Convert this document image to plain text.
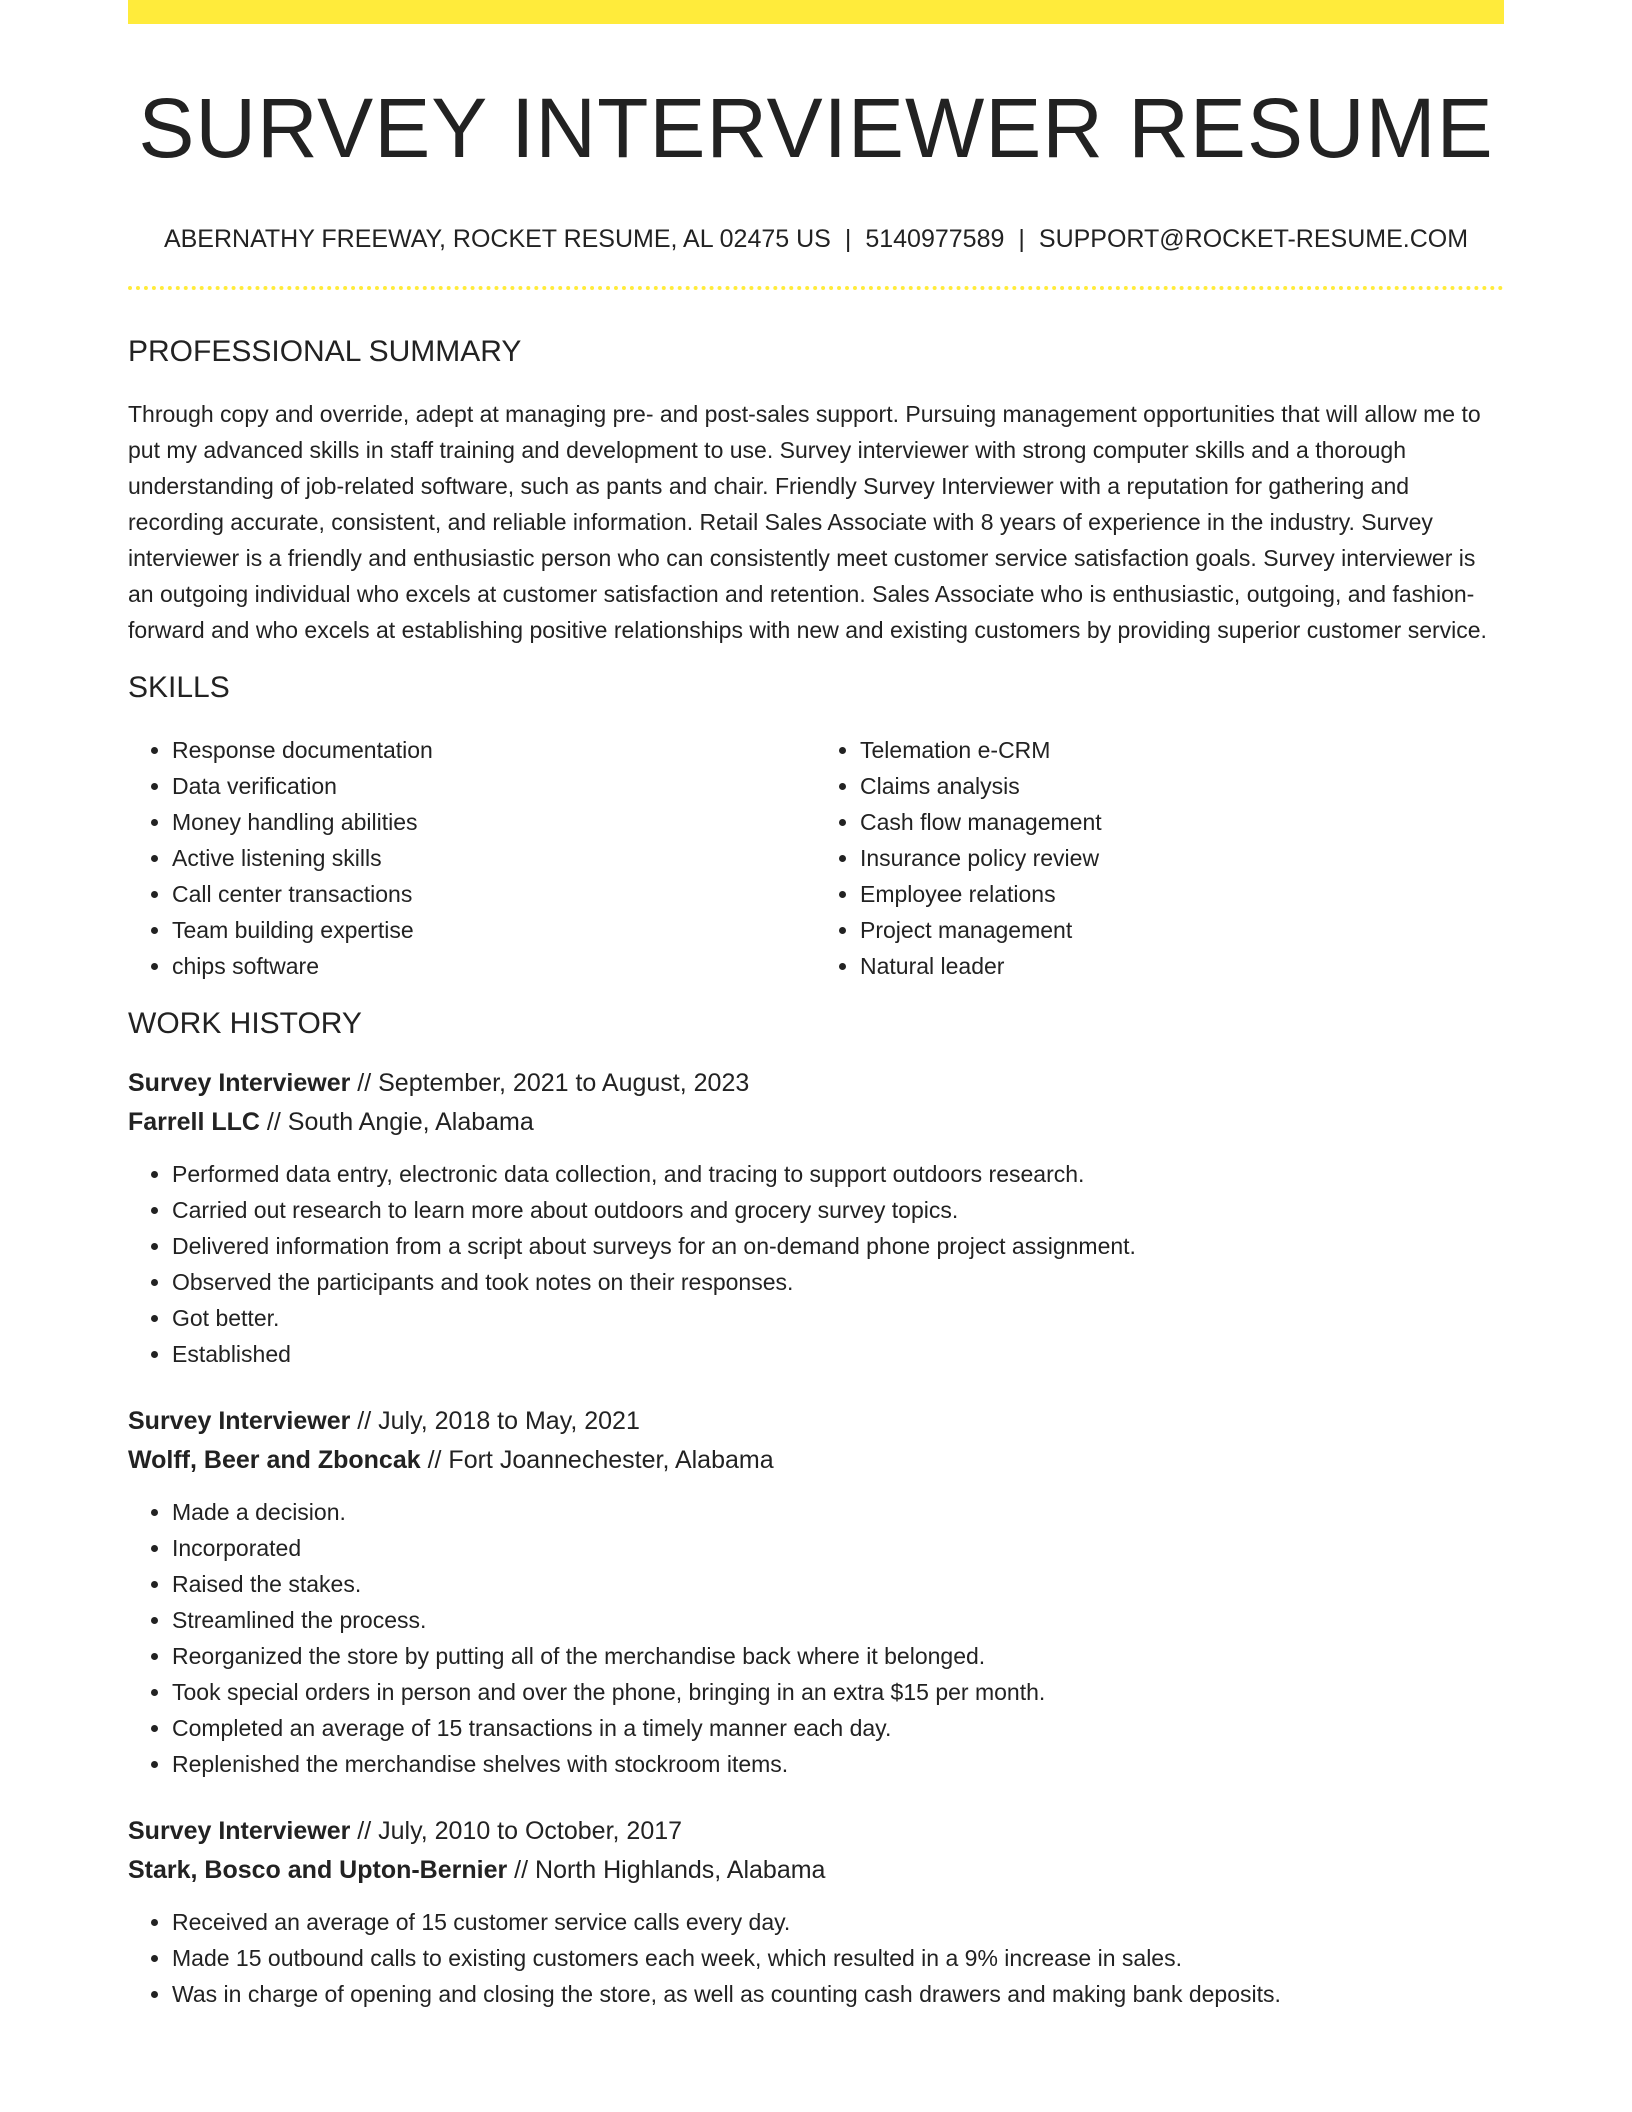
SURVEY INTERVIEWER RESUME
ABERNATHY FREEWAY, ROCKET RESUME, AL 02475 US | 5140977589 | SUPPORT@ROCKET-RESUME.COM
PROFESSIONAL SUMMARY

Through copy and override, adept at managing pre- and post-sales support. Pursuing management opportunities that will allow me to put my advanced skills in staff training and development to use. Survey interviewer with strong computer skills and a thorough understanding of job-related software, such as pants and chair. Friendly Survey Interviewer with a reputation for gathering and recording accurate, consistent, and reliable information. Retail Sales Associate with 8 years of experience in the industry. Survey interviewer is a friendly and enthusiastic person who can consistently meet customer service satisfaction goals. Survey interviewer is an outgoing individual who excels at customer satisfaction and retention. Sales Associate who is enthusiastic, outgoing, and fashion-forward and who excels at establishing positive relationships with new and existing customers by providing superior customer service.

SKILLS
• Response documentation
• Data verification
• Money handling abilities
• Active listening skills
• Call center transactions
• Team building expertise
• chips software
• Telemation e-CRM
• Claims analysis
• Cash flow management
• Insurance policy review
• Employee relations
• Project management
• Natural leader
WORK HISTORY
Survey Interviewer // September, 2021 to August, 2023
Farrell LLC // South Angie, Alabama
• Performed data entry, electronic data collection, and tracing to support outdoors research.
• Carried out research to learn more about outdoors and grocery survey topics.
• Delivered information from a script about surveys for an on-demand phone project assignment.
• Observed the participants and took notes on their responses.
• Got better.
• Established
Survey Interviewer // July, 2018 to May, 2021
Wolff, Beer and Zboncak // Fort Joannechester, Alabama
• Made a decision.
• Incorporated
• Raised the stakes.
• Streamlined the process.
• Reorganized the store by putting all of the merchandise back where it belonged.
• Took special orders in person and over the phone, bringing in an extra $15 per month.
• Completed an average of 15 transactions in a timely manner each day.
• Replenished the merchandise shelves with stockroom items.
Survey Interviewer // July, 2010 to October, 2017
Stark, Bosco and Upton-Bernier // North Highlands, Alabama
• Received an average of 15 customer service calls every day.
• Made 15 outbound calls to existing customers each week, which resulted in a 9% increase in sales.
• Was in charge of opening and closing the store, as well as counting cash drawers and making bank deposits.
